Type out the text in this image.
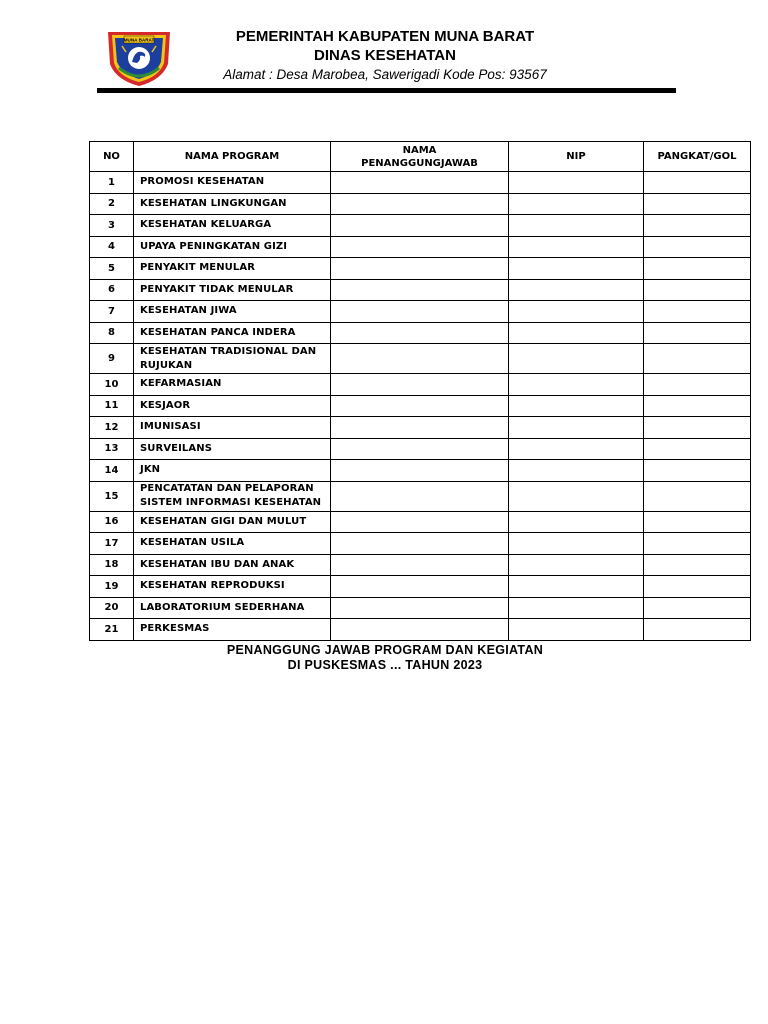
MUNA BARAT	PEMERINTAH KABUPATEN MUNA BARAT
DINAS KESEHATAN
Alamat : Desa Marobea, Sawerigadi Kode Pos: 93567
NO	NAMA PROGRAM	NAMA PENANGGUNGJAWAB	NIP	PANGKAT/GOL
1	PROMOSI KESEHATAN			
2	KESEHATAN LINGKUNGAN			
3	KESEHATAN KELUARGA			
4	UPAYA PENINGKATAN GIZI			
5	PENYAKIT MENULAR			
6	PENYAKIT TIDAK MENULAR			
7	KESEHATAN JIWA			
8	KESEHATAN PANCA INDERA			
9	KESEHATAN TRADISIONAL DAN RUJUKAN			
10	KEFARMASIAN			
11	KESJAOR			
12	IMUNISASI			
13	SURVEILANS			
14	JKN			
15	PENCATATAN DAN PELAPORAN SISTEM INFORMASI KESEHATAN			
16	KESEHATAN GIGI DAN MULUT			
17	KESEHATAN USILA			
18	KESEHATAN IBU DAN ANAK			
19	KESEHATAN REPRODUKSI			
20	LABORATORIUM SEDERHANA			
21	PERKESMAS			
PENANGGUNG JAWAB PROGRAM DAN KEGIATAN
DI PUSKESMAS ... TAHUN 2023
